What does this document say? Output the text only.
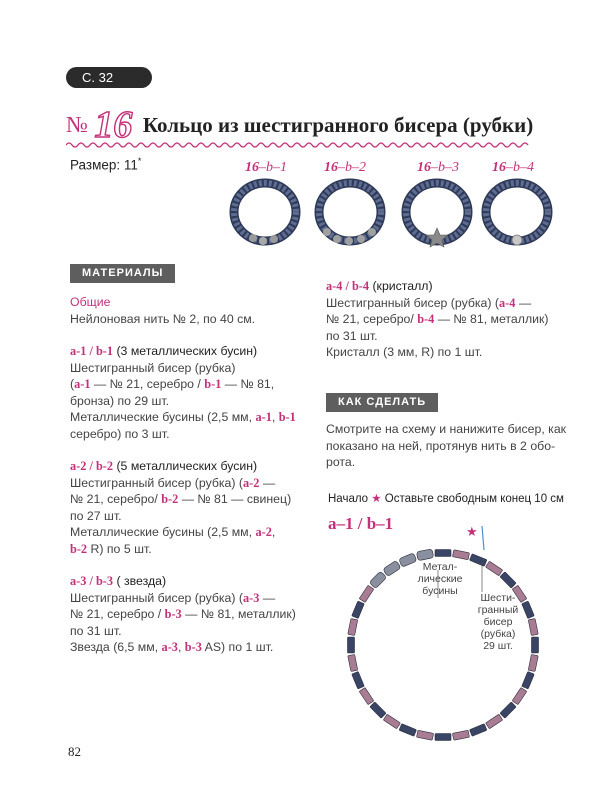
С. 32
№ 16 Кольцо из шестигранного бисера (рубки)
Размер: 11*	16–b–1	16–b–2	16–b–3 16–b–4
МАТЕРИАЛЫ

Общие

Нейлоновая нить № 2, по 40 см.

a-1 / b-1 (3 металлических бусин)

Шестигранный бисер (рубка)

(a-1 — № 21, серебро / b-1 — № 81,

бронза) по 29 шт.

Металлические бусины (2,5 мм, a-1, b-1

серебро) по 3 шт.

a-2 / b-2 (5 металлических бусин)

Шестигранный бисер (рубка) (a-2 —

№ 21, серебро/ b-2 — № 81 — свинец)

по 27 шт.

Металлические бусины (2,5 мм, a-2,

b-2 R) по 5 шт.

a-3 / b-3 ( звезда)

Шестигранный бисер (рубка) (a-3 —

№ 21, серебро / b-3 — № 81, металлик)

по 31 шт.

Звезда (6,5 мм, a-3, b-3 AS) по 1 шт.

a-4 / b-4 (кристалл)

Шестигранный бисер (рубка) (a-4 —

№ 21, серебро/ b-4 — № 81, металлик)

по 31 шт.

Кристалл (3 мм, R) по 1 шт.

КАК СДЕЛАТЬ

Смотрите на схему и нанижите бисер, как

показано на ней, протянув нить в 2 обо-

рота.

Начало ★ Оставьте свободным конец 10 см
a–1 / b–1	★
Метал-
лические
бусины
Шести-
гранный
бисер
(рубка)
29 шт.
82
